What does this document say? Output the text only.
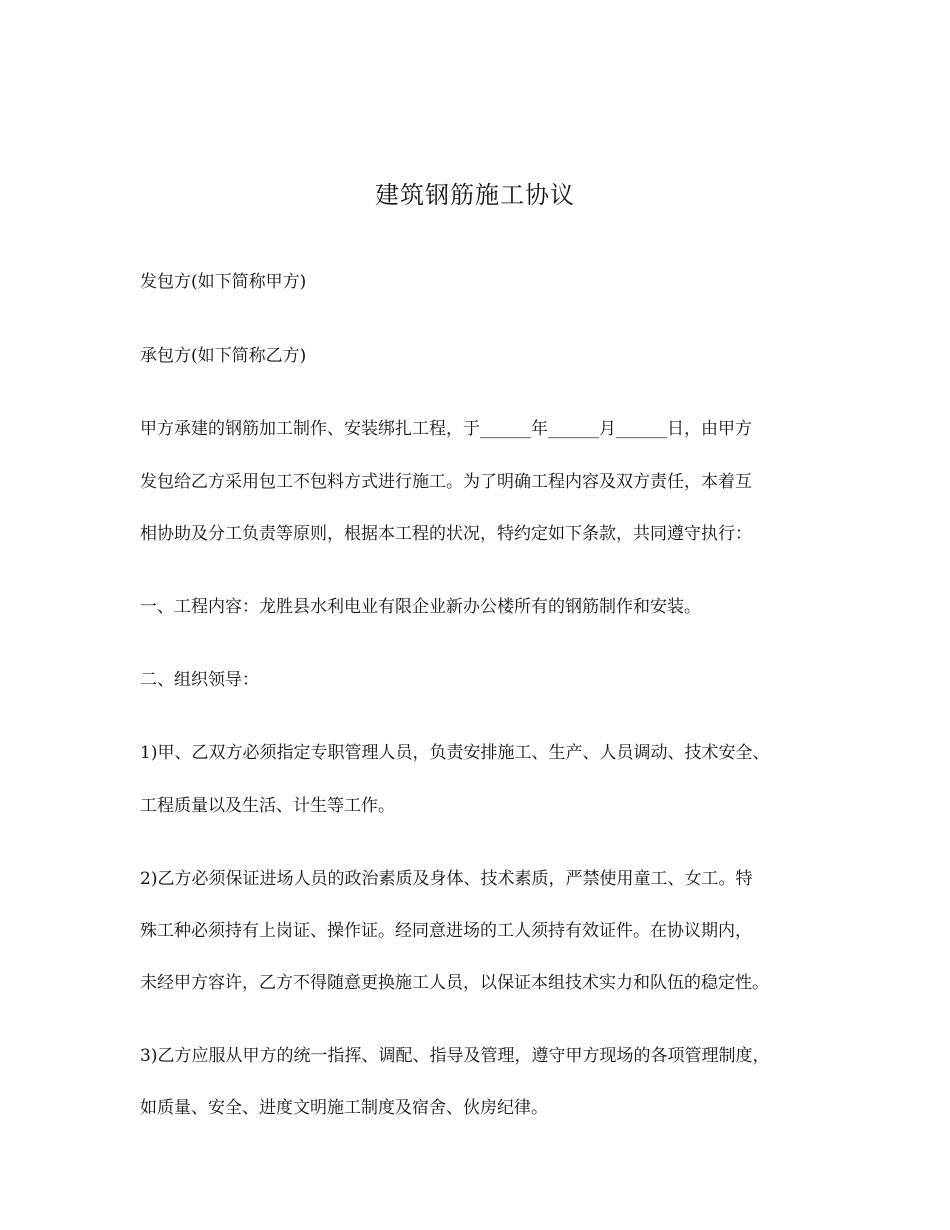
建筑钢筋施工协议
发包方(如下简称甲方)
承包方(如下简称乙方)
甲方承建的钢筋加工制作、安装绑扎工程，于______年______月______日，由甲方
发包给乙方采用包工不包料方式进行施工。为了明确工程内容及双方责任，本着互
相协助及分工负责等原则，根据本工程的状况，特约定如下条款，共同遵守执行：
一、工程内容：龙胜县水利电业有限企业新办公楼所有的钢筋制作和安装。
二、组织领导：
1)甲、乙双方必须指定专职管理人员，负责安排施工、生产、人员调动、技术安全、
工程质量以及生活、计生等工作。
2)乙方必须保证进场人员的政治素质及身体、技术素质，严禁使用童工、女工。特
殊工种必须持有上岗证、操作证。经同意进场的工人须持有效证件。在协议期内，
未经甲方容许，乙方不得随意更换施工人员，以保证本组技术实力和队伍的稳定性。
3)乙方应服从甲方的统一指挥、调配、指导及管理，遵守甲方现场的各项管理制度，
如质量、安全、进度文明施工制度及宿舍、伙房纪律。
